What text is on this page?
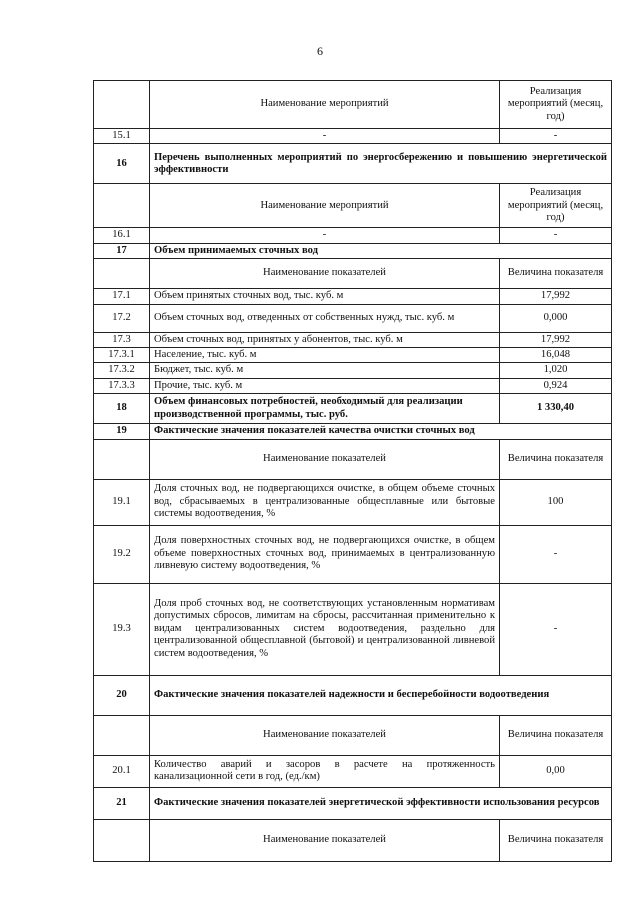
6
	Наименование мероприятий	Реализация мероприятий (месяц, год)
15.1	-	-
16	Перечень выполненных мероприятий по энергосбережению и повышению энергетической эффективности	
	Наименование мероприятий	Реализация мероприятий (месяц, год)
16.1	-	-
17	Объем принимаемых сточных вод	
	Наименование показателей	Величина показателя
17.1	Объем принятых сточных вод, тыс. куб. м	17,992
17.2	Объем сточных вод, отведенных от собственных нужд, тыс. куб. м	0,000
17.3	Объем сточных вод, принятых у абонентов, тыс. куб. м	17,992
17.3.1	Население, тыс. куб. м	16,048
17.3.2	Бюджет, тыс. куб. м	1,020
17.3.3	Прочие, тыс. куб. м	0,924
18	Объем финансовых потребностей, необходимый для реализации производственной программы, тыс. руб.	1 330,40
19	Фактические значения показателей качества очистки сточных вод	
	Наименование показателей	Величина показателя
19.1	Доля сточных вод, не подвергающихся очистке, в общем объеме сточных вод, сбрасываемых в централизованные общесплавные или бытовые системы водоотведения, %	100
19.2	Доля поверхностных сточных вод, не подвергающихся очистке, в общем объеме поверхностных сточных вод, принимаемых в централизованную ливневую систему водоотведения, %	-
19.3	Доля проб сточных вод, не соответствующих установленным нормативам допустимых сбросов, лимитам на сбросы, рассчитанная применительно к видам централизованных систем водоотведения, раздельно для централизованной общесплавной (бытовой) и централизованной ливневой систем водоотведения, %	-
20	Фактические значения показателей надежности и бесперебойности водоотведения	
	Наименование показателей	Величина показателя
20.1	Количество аварий и засоров в расчете на протяженность канализационной сети в год, (ед./км)	0,00
21	Фактические значения показателей энергетической эффективности использования ресурсов	
	Наименование показателей	Величина показателя
